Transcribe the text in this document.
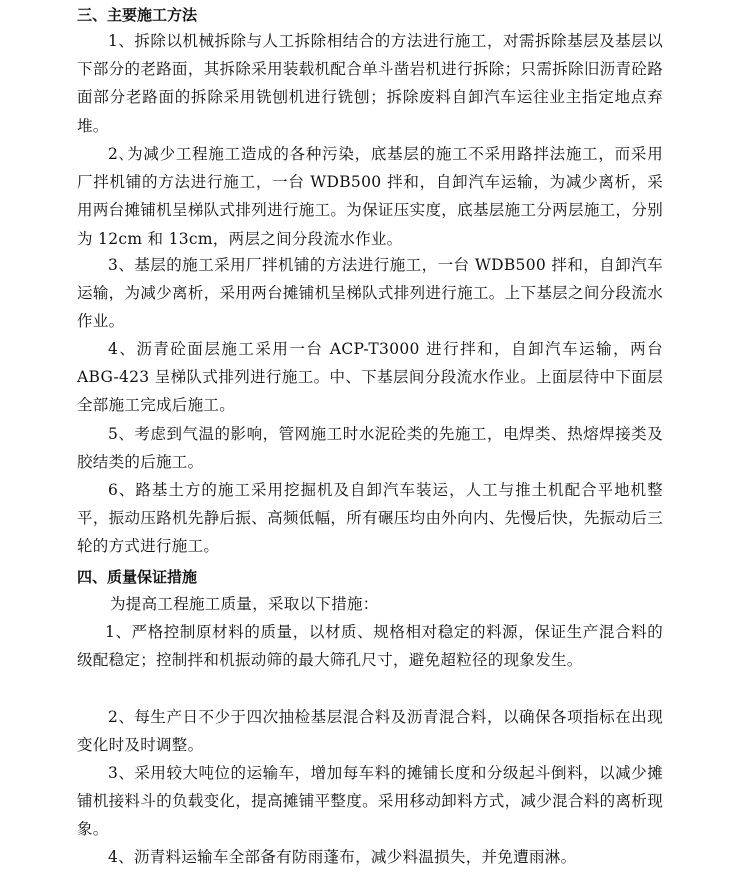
三、主要施工方法

1、拆除以机械拆除与人工拆除相结合的方法进行施工，对需拆除基层及基层以下部分的老路面，其拆除采用装载机配合单斗凿岩机进行拆除；只需拆除旧沥青砼路面部分老路面的拆除采用铣刨机进行铣刨；拆除废料自卸汽车运往业主指定地点弃堆。

2､为减少工程施工造成的各种污染，底基层的施工不采用路拌法施工，而采用厂拌机铺的方法进行施工，一台 WDB500 拌和，自卸汽车运输，为减少离析，采用两台摊铺机呈梯队式排列进行施工。为保证压实度，底基层施工分两层施工，分别为 12cm 和 13cm，两层之间分段流水作业。

3、基层的施工采用厂拌机铺的方法进行施工，一台 WDB500 拌和，自卸汽车运输，为减少离析，采用两台摊铺机呈梯队式排列进行施工。上下基层之间分段流水作业。

4、沥青砼面层施工采用一台 ACP-T3000 进行拌和，自卸汽车运输，两台 ABG-423 呈梯队式排列进行施工。中、下基层间分段流水作业。上面层待中下面层全部施工完成后施工。

5、考虑到气温的影响，管网施工时水泥砼类的先施工，电焊类、热熔焊接类及胶结类的后施工。

6、路基土方的施工采用挖掘机及自卸汽车装运，人工与推土机配合平地机整平，振动压路机先静后振、高频低幅，所有碾压均由外向内、先慢后快，先振动后三轮的方式进行施工。

四、质量保证措施

为提高工程施工质量，采取以下措施：

1、严格控制原材料的质量，以材质、规格相对稳定的料源，保证生产混合料的级配稳定；控制拌和机振动筛的最大筛孔尺寸，避免超粒径的现象发生。

2、每生产日不少于四次抽检基层混合料及沥青混合料，以确保各项指标在出现变化时及时调整。

3、采用较大吨位的运输车，增加每车料的摊铺长度和分级起斗倒料，以减少摊铺机接料斗的负载变化，提高摊铺平整度。采用移动卸料方式，减少混合料的离析现象。

4、沥青料运输车全部备有防雨蓬布，减少料温损失，并免遭雨淋。
